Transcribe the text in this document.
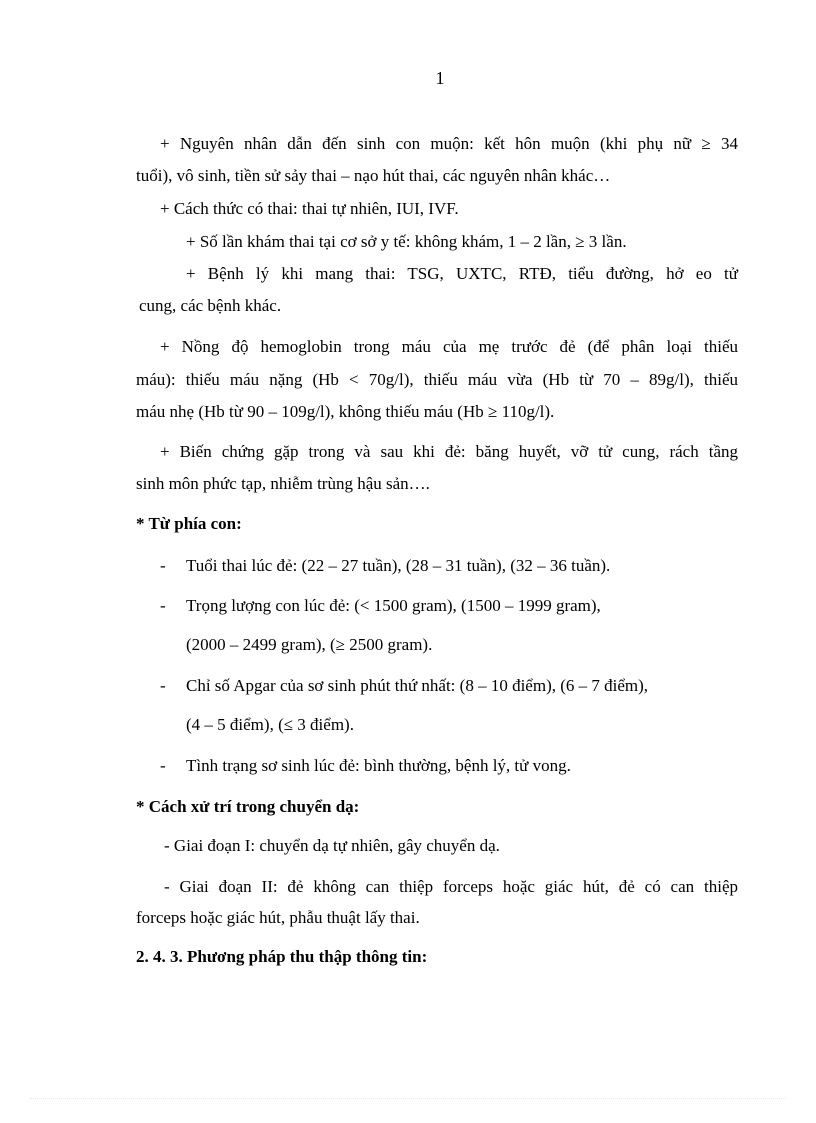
1
+ Nguyên nhân dẫn đến sinh con muộn: kết hôn muộn (khi phụ nữ ≥ 34
tuổi), vô sinh, tiền sử sảy thai – nạo hút thai, các nguyên nhân khác…
+ Cách thức có thai: thai tự nhiên, IUI, IVF.
+ Số lần khám thai tại cơ sở y tế: không khám, 1 – 2 lần, ≥ 3 lần.
+ Bệnh lý khi mang thai: TSG, UXTC, RTĐ, tiểu đường, hở eo tử
cung, các bệnh khác.
+ Nồng độ hemoglobin trong máu của mẹ trước đẻ (để phân loại thiếu
máu): thiếu máu nặng (Hb < 70g/l), thiếu máu vừa (Hb từ 70 – 89g/l), thiếu
máu nhẹ (Hb từ 90 – 109g/l), không thiếu máu (Hb ≥ 110g/l).
+ Biến chứng gặp trong và sau khi đẻ: băng huyết, vỡ tử cung, rách tầng
sinh môn phức tạp, nhiễm trùng hậu sản….
* Từ phía con:
- Tuổi thai lúc đẻ: (22 – 27 tuần), (28 – 31 tuần), (32 – 36 tuần).
- Trọng lượng con lúc đẻ: (< 1500 gram), (1500 – 1999 gram),
(2000 – 2499 gram), (≥ 2500 gram).
- Chỉ số Apgar của sơ sinh phút thứ nhất: (8 – 10 điểm), (6 – 7 điểm),
(4 – 5 điểm), (≤ 3 điểm).
- Tình trạng sơ sinh lúc đẻ: bình thường, bệnh lý, tử vong.
* Cách xử trí trong chuyển dạ:
- Giai đoạn I: chuyển dạ tự nhiên, gây chuyển dạ.
- Giai đoạn II: đẻ không can thiệp forceps hoặc giác hút, đẻ có can thiệp
forceps hoặc giác hút, phẫu thuật lấy thai.
2. 4. 3. Phương pháp thu thập thông tin:
